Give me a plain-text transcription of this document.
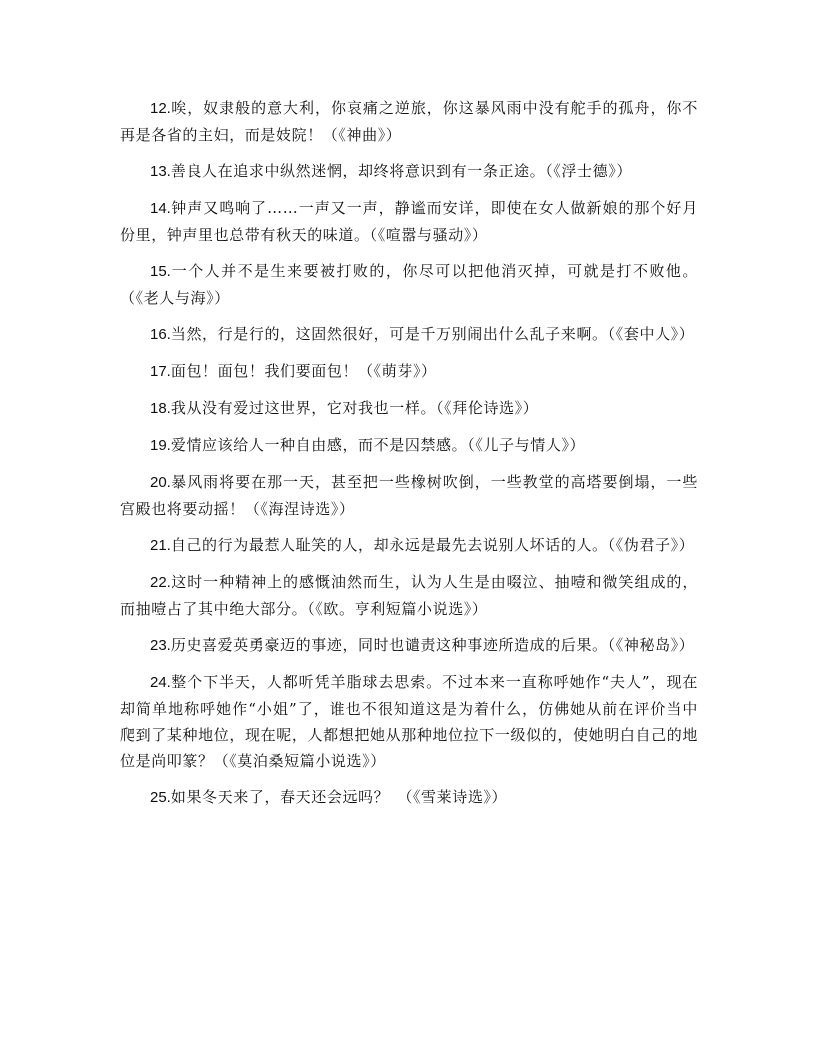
12.唉，奴隶般的意大利，你哀痛之逆旅，你这暴风雨中没有舵手的孤舟，你不再是各省的主妇，而是妓院！（《神曲》）

13.善良人在追求中纵然迷惘，却终将意识到有一条正途。（《浮士德》）

14.钟声又鸣响了……一声又一声，静谧而安详，即使在女人做新娘的那个好月份里，钟声里也总带有秋天的味道。（《喧嚣与骚动》）

15.一个人并不是生来要被打败的，你尽可以把他消灭掉，可就是打不败他。（《老人与海》）

16.当然，行是行的，这固然很好，可是千万别闹出什么乱子来啊。（《套中人》）

17.面包！面包！我们要面包！（《萌芽》）

18.我从没有爱过这世界，它对我也一样。（《拜伦诗选》）

19.爱情应该给人一种自由感，而不是囚禁感。（《儿子与情人》）

20.暴风雨将要在那一天，甚至把一些橡树吹倒，一些教堂的高塔要倒塌，一些宫殿也将要动摇！（《海涅诗选》）

21.自己的行为最惹人耻笑的人，却永远是最先去说别人坏话的人。（《伪君子》）

22.这时一种精神上的感慨油然而生，认为人生是由啜泣、抽噎和微笑组成的，而抽噎占了其中绝大部分。（《欧。亨利短篇小说选》）

23.历史喜爱英勇豪迈的事迹，同时也谴责这种事迹所造成的后果。（《神秘岛》）

24.整个下半天，人都听凭羊脂球去思索。不过本来一直称呼她作“夫人”，现在却简单地称呼她作“小姐”了，谁也不很知道这是为着什么，仿佛她从前在评价当中爬到了某种地位，现在呢，人都想把她从那种地位拉下一级似的，使她明白自己的地位是尚叩篆？（《莫泊桑短篇小说选》）

25.如果冬天来了，春天还会远吗？　（《雪莱诗选》）
